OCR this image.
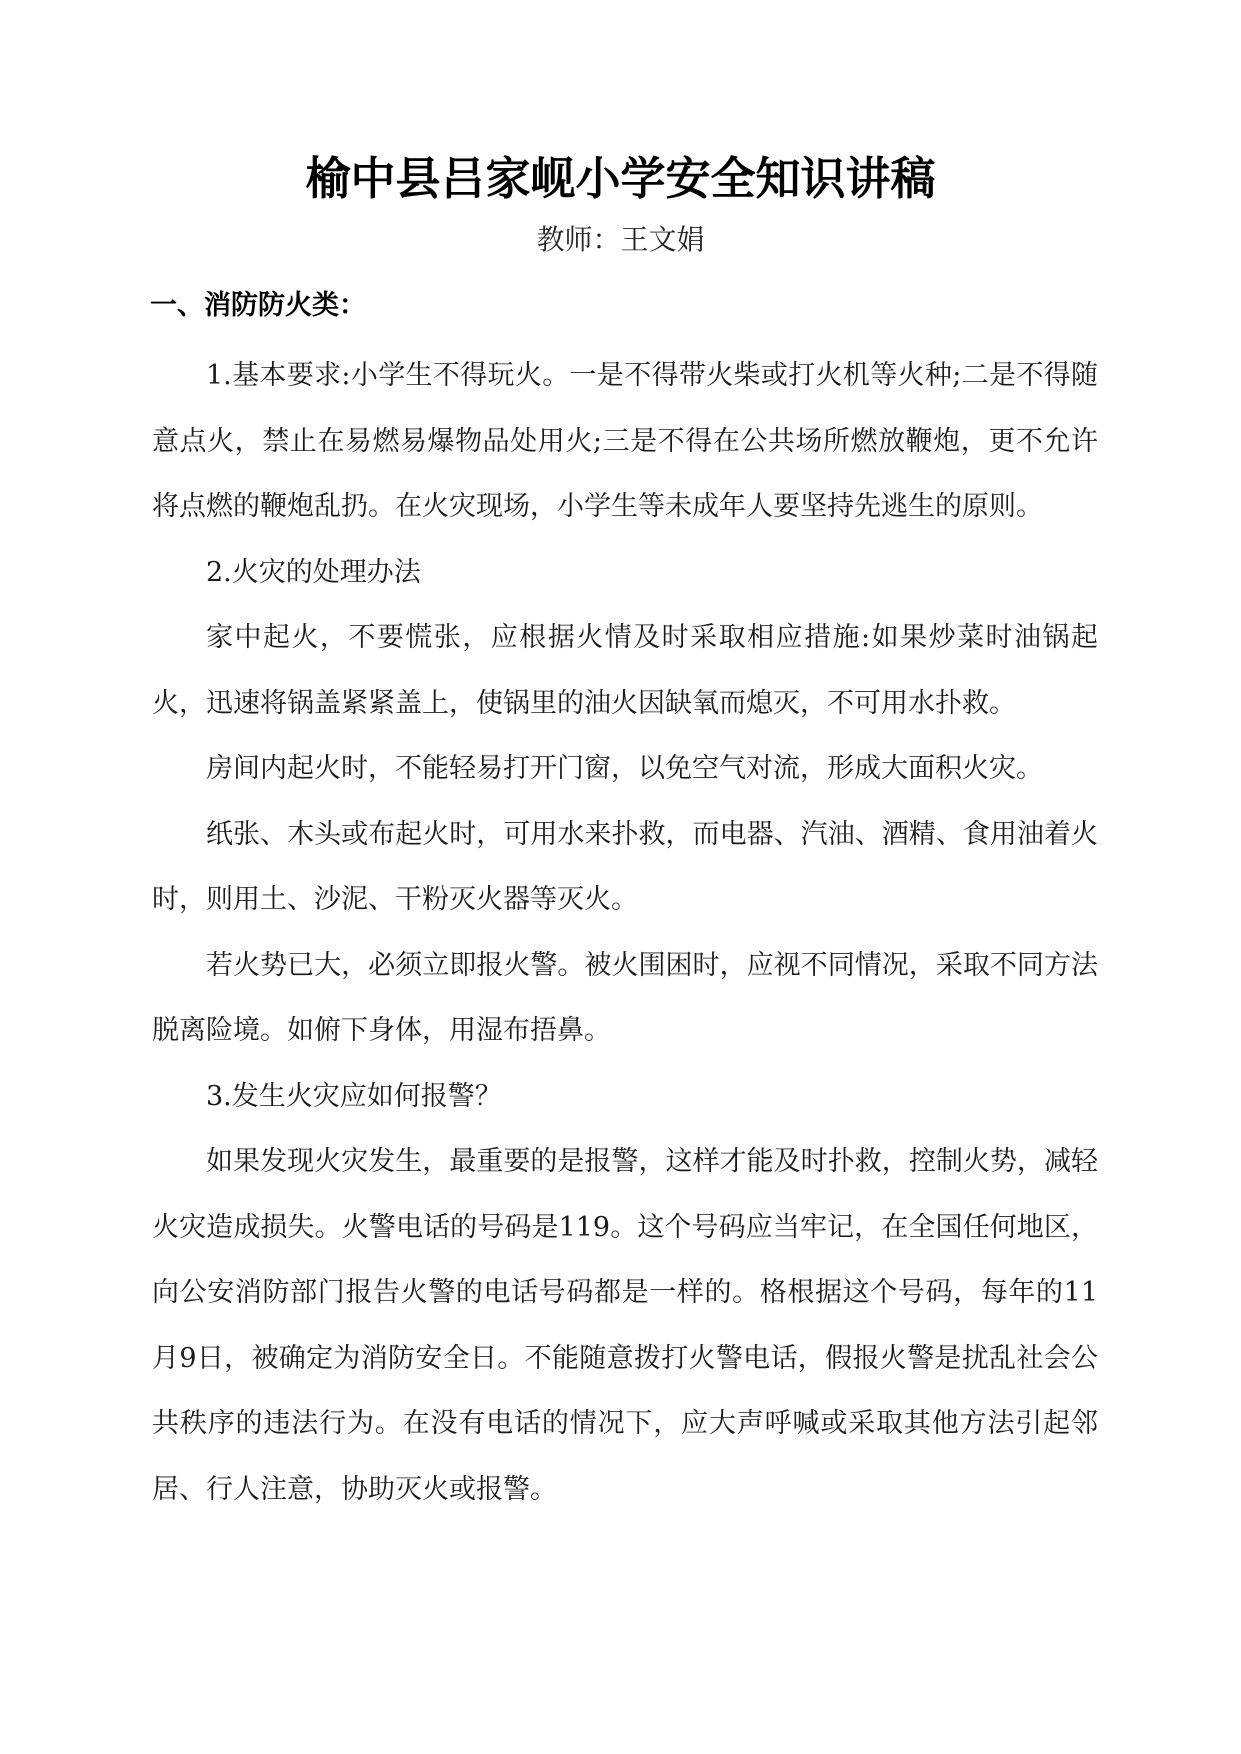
榆中县吕家岘小学安全知识讲稿
教师：王文娟
一、消防防火类：

1.基本要求:小学生不得玩火。一是不得带火柴或打火机等火种;二是不得随意点火，禁止在易燃易爆物品处用火;三是不得在公共场所燃放鞭炮，更不允许将点燃的鞭炮乱扔。在火灾现场，小学生等未成年人要坚持先逃生的原则。

2.火灾的处理办法

家中起火，不要慌张，应根据火情及时采取相应措施:如果炒菜时油锅起火，迅速将锅盖紧紧盖上，使锅里的油火因缺氧而熄灭，不可用水扑救。

房间内起火时，不能轻易打开门窗，以免空气对流，形成大面积火灾。

纸张、木头或布起火时，可用水来扑救，而电器、汽油、酒精、食用油着火时，则用土、沙泥、干粉灭火器等灭火。

若火势已大，必须立即报火警。被火围困时，应视不同情况，采取不同方法脱离险境。如俯下身体，用湿布捂鼻。

3.发生火灾应如何报警？

如果发现火灾发生，最重要的是报警，这样才能及时扑救，控制火势，减轻火灾造成损失。火警电话的号码是119。这个号码应当牢记，在全国任何地区，向公安消防部门报告火警的电话号码都是一样的。格根据这个号码，每年的11月9日，被确定为消防安全日。不能随意拨打火警电话，假报火警是扰乱社会公共秩序的违法行为。在没有电话的情况下，应大声呼喊或采取其他方法引起邻居、行人注意，协助灭火或报警。
